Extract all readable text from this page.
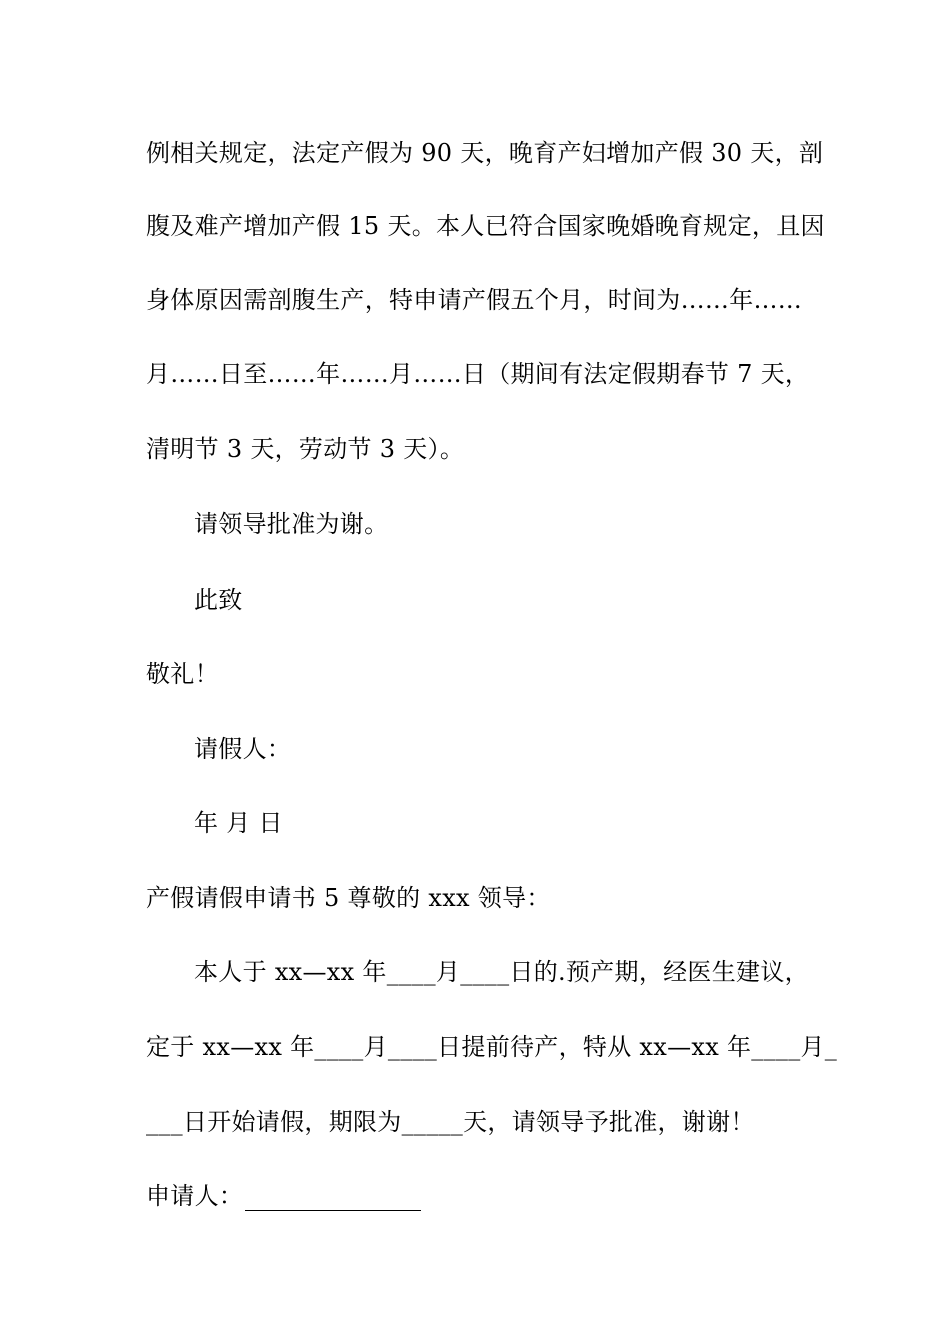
例相关规定，法定产假为 90 天，晚育产妇增加产假 30 天，剖
腹及难产增加产假 15 天。本人已符合国家晚婚晚育规定，且因
身体原因需剖腹生产，特申请产假五个月，时间为……年……
月……日至……年……月……日（期间有法定假期春节 7 天，
清明节 3 天，劳动节 3 天）。
请领导批准为谢。
此致
敬礼！
请假人：
年 月 日
产假请假申请书 5 尊敬的 xxx 领导：
本人于 xx—xx 年____月____日的.预产期，经医生建议，
定于 xx—xx 年____月____日提前待产，特从 xx—xx 年____月_
___日开始请假，期限为_____天，请领导予批准，谢谢！
申请人：
